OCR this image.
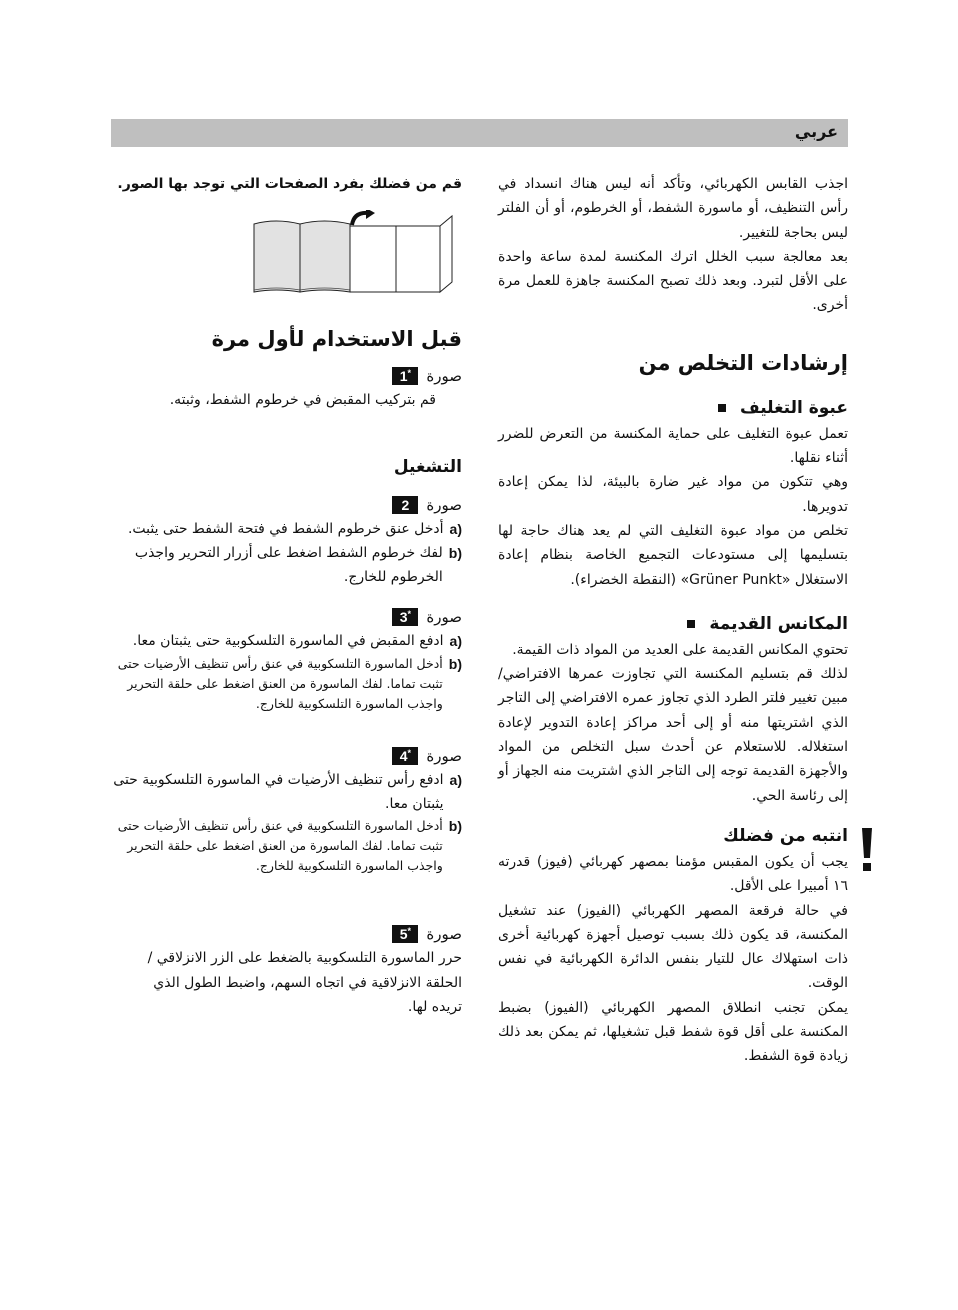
عربي

اجذب القابس الكهربائي، وتأكد أنه ليس هناك انسداد في رأس التنظيف، أو ماسورة الشفط، أو الخرطوم، أو أن الفلتر ليس بحاجة للتغيير.

بعد معالجة سبب الخلل اترك المكنسة لمدة ساعة واحدة على الأقل لتبرد. وبعد ذلك تصبح المكنسة جاهزة للعمل مرة أخرى.

إرشادات التخلص من
عبوة التغليف

تعمل عبوة التغليف على حماية المكنسة من التعرض للضرر أثناء نقلها.

وهي تتكون من مواد غير ضارة بالبيئة، لذا يمكن إعادة تدويرها.

تخلص من مواد عبوة التغليف التي لم يعد هناك حاجة لها بتسليمها إلى مستودعات التجميع الخاصة بنظام إعادة الاستغلال «Grüner Punkt» (النقطة الخضراء).

المكانس القديمة

تحتوي المكانس القديمة على العديد من المواد ذات القيمة.

لذلك قم بتسليم المكنسة التي تجاوزت عمرها الافتراضي/مبين تغيير فلتر الطرد الذي تجاوز عمره الافتراضي إلى التاجر الذي اشتريتها منه أو إلى أحد مراكز إعادة التدوير لإعادة استغلاله. للاستعلام عن أحدث سبل التخلص من المواد والأجهزة القديمة توجه إلى التاجر الذي اشتريت منه الجهاز أو إلى رئاسة الحي.

انتبه من فضلك

يجب أن يكون المقبس مؤمنا بمصهر كهربائي (فيوز) قدرته ١٦ أمبيرا على الأقل.

في حالة فرقعة المصهر الكهربائي (الفيوز) عند تشغيل المكنسة، قد يكون ذلك بسبب توصيل أجهزة كهربائية أخرى ذات استهلاك عال للتيار بنفس الدائرة الكهربائية في نفس الوقت.

يمكن تجنب انطلاق المصهر الكهربائي (الفيوز) بضبط المكنسة على أقل قوة شفط قبل تشغيلها، ثم يمكن بعد ذلك زيادة قوة الشفط.

قم من فضلك بفرد الصفحات التي توجد بها الصور.

قبل الاستخدام لأول مرة
صورة
1*

قم بتركيب المقبض في خرطوم الشفط، وثبته.

التشغيل
صورة
2
a)
أدخل عنق خرطوم الشفط في فتحة الشفط حتى يثبت.
b)
لفك خرطوم الشفط اضغط على أزرار التحرير واجذب الخرطوم للخارج.
صورة
3*
a)
ادفع المقبض في الماسورة التلسكوبية حتى يثبتان معا.
b)
أدخل الماسورة التلسكوبية في عنق رأس تنظيف الأرضيات حتى تثبت تماما. لفك الماسورة من العنق اضغط على حلقة التحرير واجذب الماسورة التلسكوبية للخارج.
صورة
4*
a)
ادفع رأس تنظيف الأرضيات في الماسورة التلسكوبية حتى يثبتان معا.
b)
أدخل الماسورة التلسكوبية في عنق رأس تنظيف الأرضيات حتى تثبت تماما. لفك الماسورة من العنق اضغط على حلقة التحرير واجذب الماسورة التلسكوبية للخارج.
صورة
5*

حرر الماسورة التلسكوبية بالضغط على الزر الانزلاقي / الحلقة الانزلاقية في اتجاه السهم، واضبط الطول الذي تريده لها.
